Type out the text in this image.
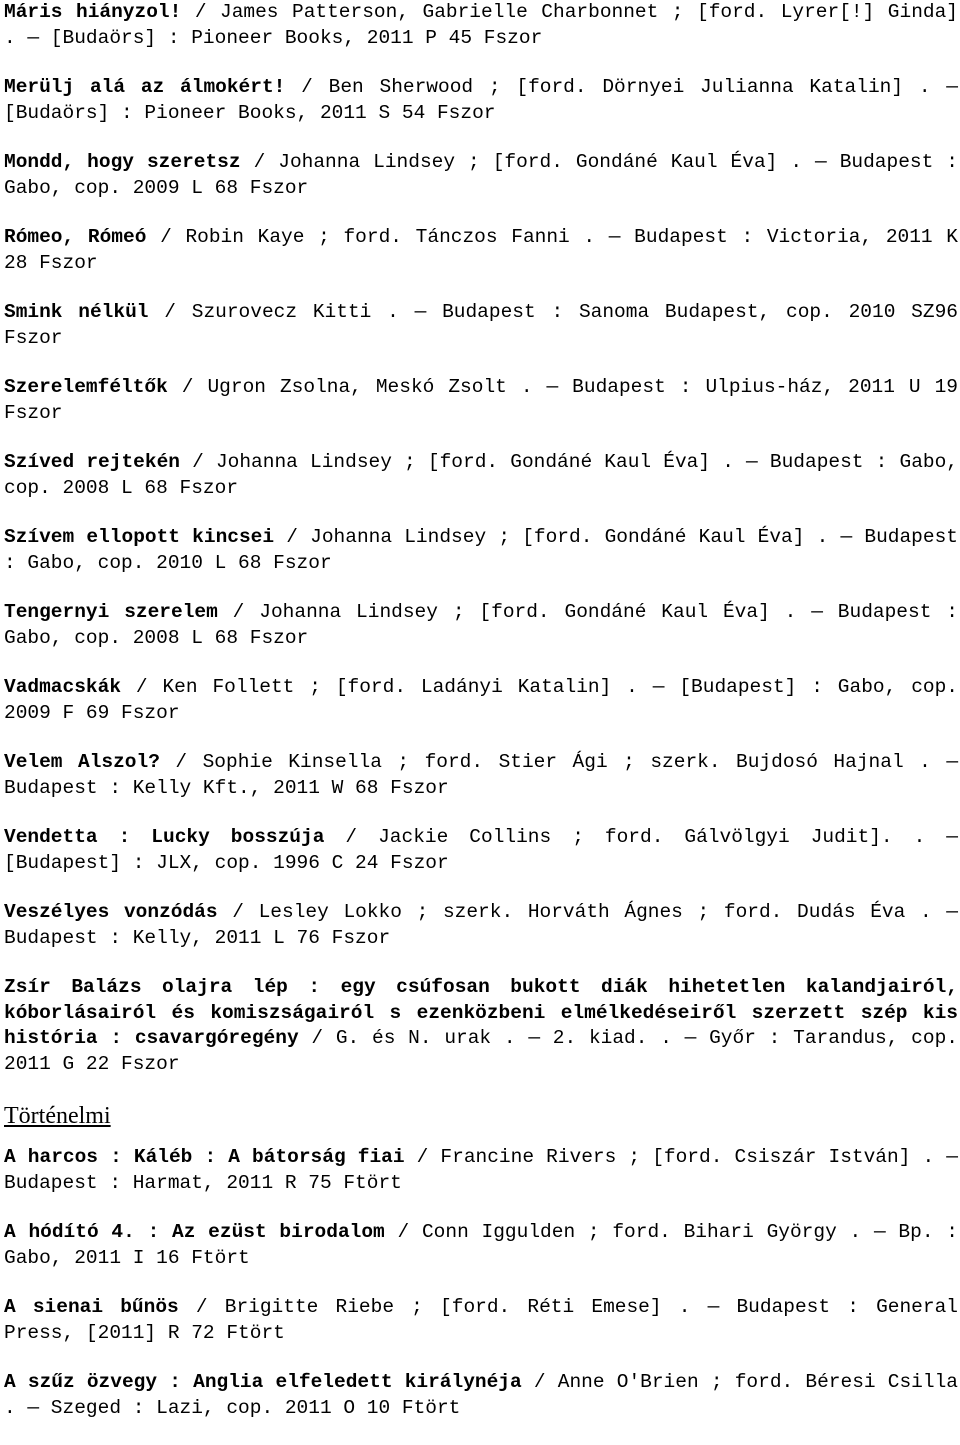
Máris hiányzol! / James Patterson, Gabrielle Charbonnet ; [ford. Lyrer[!] Ginda] . — [Budaörs] : Pioneer Books, 2011 P 45 Fszor
Merülj alá az álmokért! / Ben Sherwood ; [ford. Dörnyei Julianna Katalin] . — [Budaörs] : Pioneer Books, 2011 S 54 Fszor
Mondd, hogy szeretsz / Johanna Lindsey ; [ford. Gondáné Kaul Éva] . — Budapest : Gabo, cop. 2009 L 68 Fszor
Rómeo, Rómeó / Robin Kaye ; ford. Tánczos Fanni . — Budapest : Victoria, 2011 K 28 Fszor
Smink nélkül / Szurovecz Kitti . — Budapest : Sanoma Budapest, cop. 2010 SZ96 Fszor
Szerelemféltők / Ugron Zsolna, Meskó Zsolt . — Budapest : Ulpius-ház, 2011 U 19 Fszor
Szíved rejtekén / Johanna Lindsey ; [ford. Gondáné Kaul Éva] . — Budapest : Gabo, cop. 2008 L 68 Fszor
Szívem ellopott kincsei / Johanna Lindsey ; [ford. Gondáné Kaul Éva] . — Budapest : Gabo, cop. 2010 L 68 Fszor
Tengernyi szerelem / Johanna Lindsey ; [ford. Gondáné Kaul Éva] . — Budapest : Gabo, cop. 2008 L 68 Fszor
Vadmacskák / Ken Follett ; [ford. Ladányi Katalin] . — [Budapest] : Gabo, cop. 2009 F 69 Fszor
Velem Alszol? / Sophie Kinsella ; ford. Stier Ági ; szerk. Bujdosó Hajnal . — Budapest : Kelly Kft., 2011 W 68 Fszor
Vendetta : Lucky bosszúja / Jackie Collins ; ford. Gálvölgyi Judit]. . — [Budapest] : JLX, cop. 1996 C 24 Fszor
Veszélyes vonzódás / Lesley Lokko ; szerk. Horváth Ágnes ; ford. Dudás Éva . — Budapest : Kelly, 2011 L 76 Fszor
Zsír Balázs olajra lép : egy csúfosan bukott diák hihetetlen kalandjairól, kóborlásairól és komiszságairól s ezenközbeni elmélkedéseiről szerzett szép kis história : csavargóregény / G. és N. urak . — 2. kiad. . — Győr : Tarandus, cop. 2011 G 22 Fszor
Történelmi
A harcos : Káléb : A bátorság fiai / Francine Rivers ; [ford. Csiszár István] . — Budapest : Harmat, 2011 R 75 Ftört
A hódító 4. : Az ezüst birodalom / Conn Iggulden ; ford. Bihari György . — Bp. : Gabo, 2011 I 16 Ftört
A sienai bűnös / Brigitte Riebe ; [ford. Réti Emese] . — Budapest : General Press, [2011] R 72 Ftört
A szűz özvegy : Anglia elfeledett királynéja / Anne O'Brien ; ford. Béresi Csilla . — Szeged : Lazi, cop. 2011 O 10 Ftört
